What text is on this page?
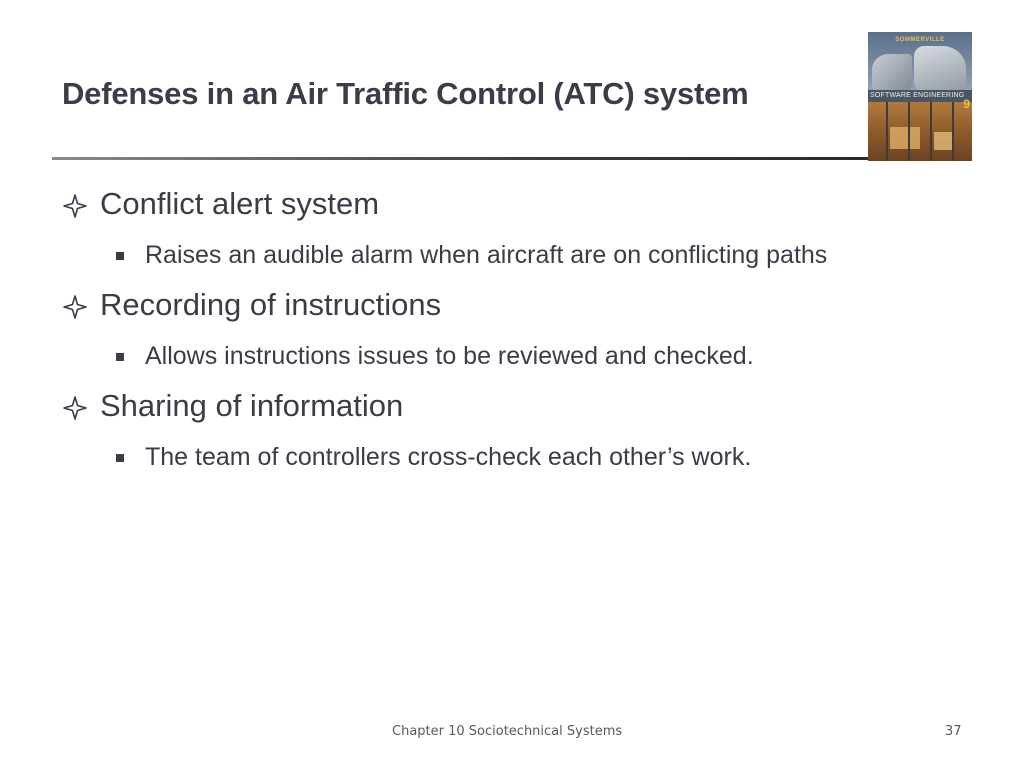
Defenses in an Air Traffic Control (ATC) system
SOMMERVILLE
SOFTWARE ENGINEERING
9
Conflict alert system
Raises an audible alarm when aircraft are on conflicting paths
Recording of instructions
Allows instructions issues to be reviewed and checked.
Sharing of information
The team of controllers cross-check each other’s work.
Chapter 10 Sociotechnical Systems	37
